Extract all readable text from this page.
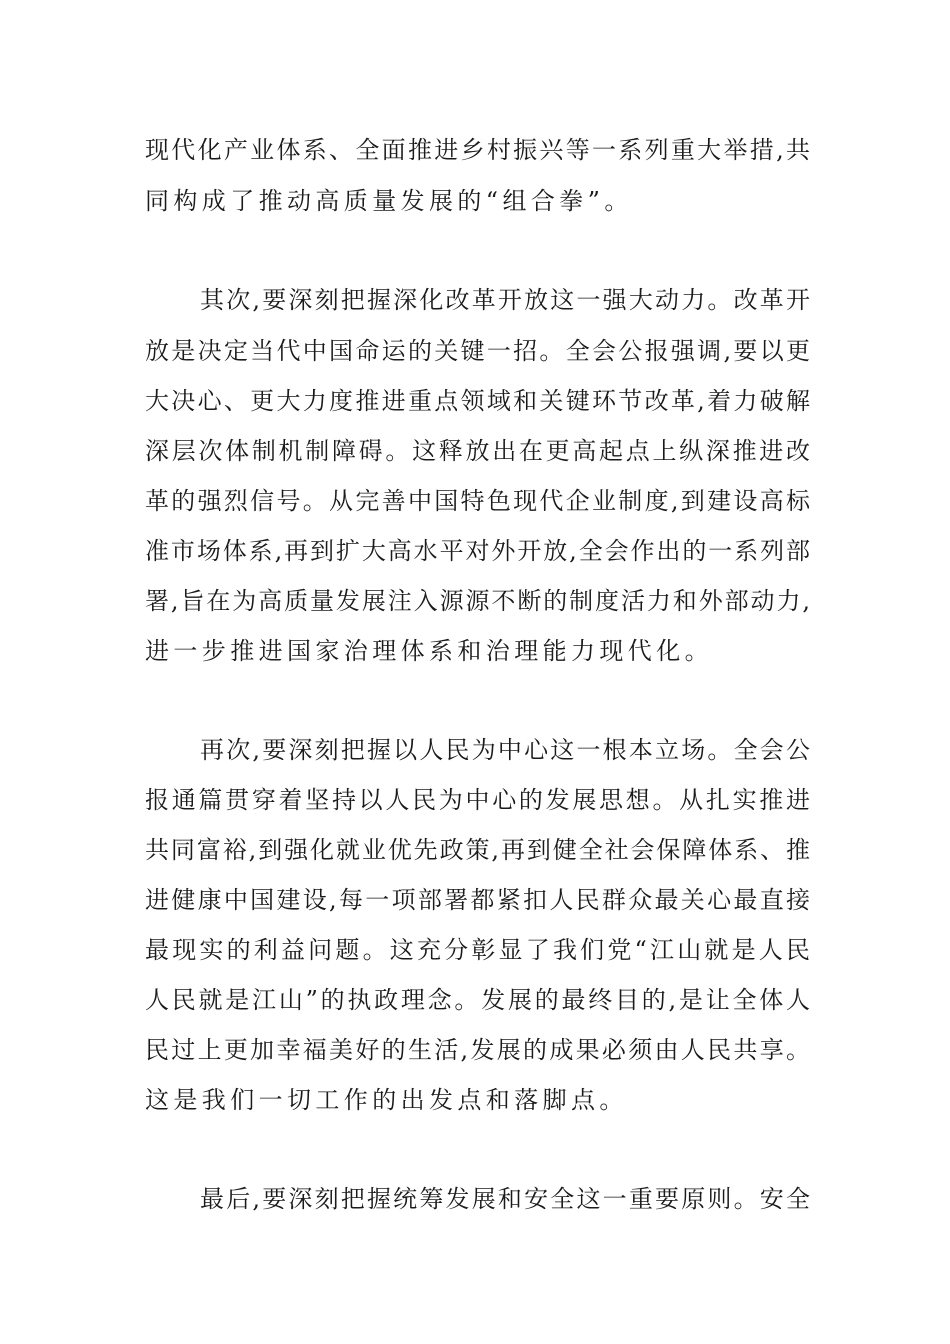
现代化产业体系、全面推进乡村振兴等一系列重大举措,共
同构成了推动高质量发展的“组合拳”。
其次,要深刻把握深化改革开放这一强大动力。改革开
放是决定当代中国命运的关键一招。全会公报强调,要以更
大决心、更大力度推进重点领域和关键环节改革,着力破解
深层次体制机制障碍。这释放出在更高起点上纵深推进改
革的强烈信号。从完善中国特色现代企业制度,到建设高标
准市场体系,再到扩大高水平对外开放,全会作出的一系列部
署,旨在为高质量发展注入源源不断的制度活力和外部动力,
进一步推进国家治理体系和治理能力现代化。
再次,要深刻把握以人民为中心这一根本立场。全会公
报通篇贯穿着坚持以人民为中心的发展思想。从扎实推进
共同富裕,到强化就业优先政策,再到健全社会保障体系、推
进健康中国建设,每一项部署都紧扣人民群众最关心最直接
最现实的利益问题。这充分彰显了我们党“江山就是人民
人民就是江山”的执政理念。发展的最终目的,是让全体人
民过上更加幸福美好的生活,发展的成果必须由人民共享。
这是我们一切工作的出发点和落脚点。
最后,要深刻把握统筹发展和安全这一重要原则。安全
